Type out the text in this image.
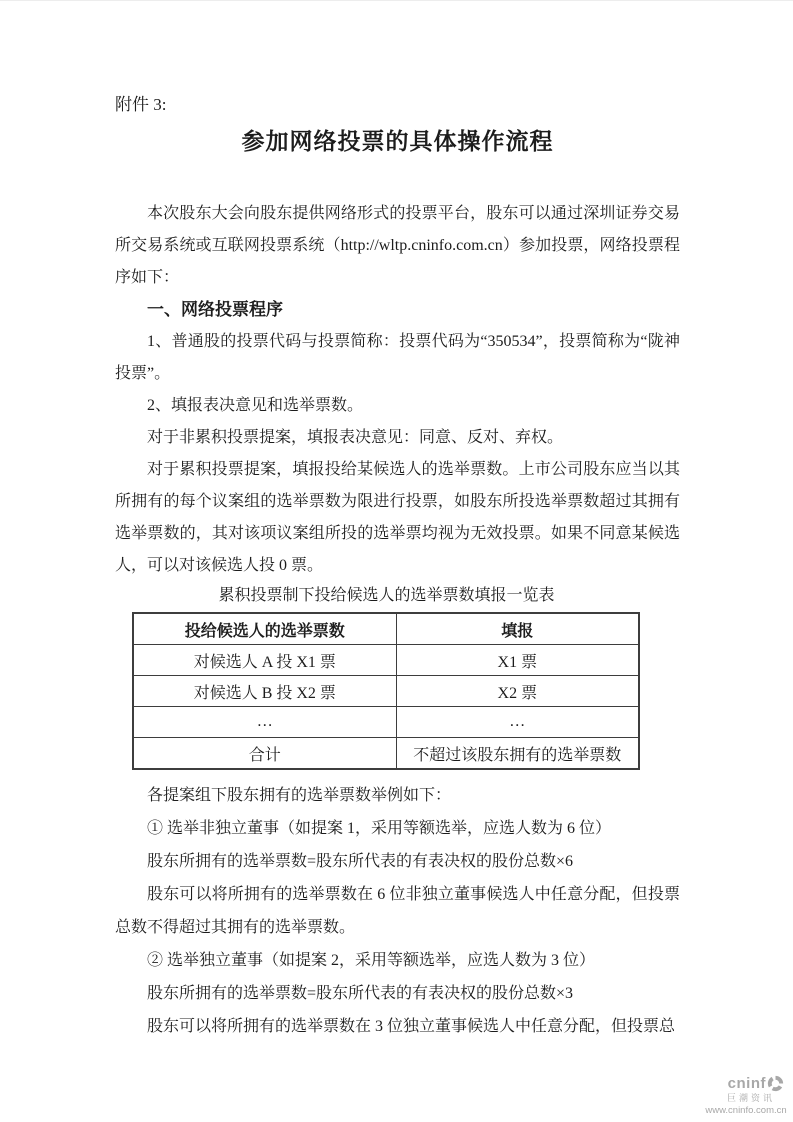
附件 3:
参加网络投票的具体操作流程

本次股东大会向股东提供网络形式的投票平台，股东可以通过深圳证券交易所交易系统或互联网投票系统（http://wltp.cninfo.com.cn）参加投票，网络投票程序如下：

一、网络投票程序

1、普通股的投票代码与投票简称：投票代码为“350534”，投票简称为“陇神投票”。

2、填报表决意见和选举票数。

对于非累积投票提案，填报表决意见：同意、反对、弃权。

对于累积投票提案，填报投给某候选人的选举票数。上市公司股东应当以其所拥有的每个议案组的选举票数为限进行投票，如股东所投选举票数超过其拥有选举票数的，其对该项议案组所投的选举票均视为无效投票。如果不同意某候选人，可以对该候选人投 0 票。

累积投票制下投给候选人的选举票数填报一览表
投给候选人的选举票数	填报
对候选人 A 投 X1 票	X1 票
对候选人 B 投 X2 票	X2 票
…	…
合计	不超过该股东拥有的选举票数

各提案组下股东拥有的选举票数举例如下：

① 选举非独立董事（如提案 1，采用等额选举，应选人数为 6 位）

股东所拥有的选举票数=股东所代表的有表决权的股份总数×6

股东可以将所拥有的选举票数在 6 位非独立董事候选人中任意分配，但投票总数不得超过其拥有的选举票数。

② 选举独立董事（如提案 2，采用等额选举，应选人数为 3 位）

股东所拥有的选举票数=股东所代表的有表决权的股份总数×3

股东可以将所拥有的选举票数在 3 位独立董事候选人中任意分配，但投票总

cninf
巨潮资讯
www.cninfo.com.cn
